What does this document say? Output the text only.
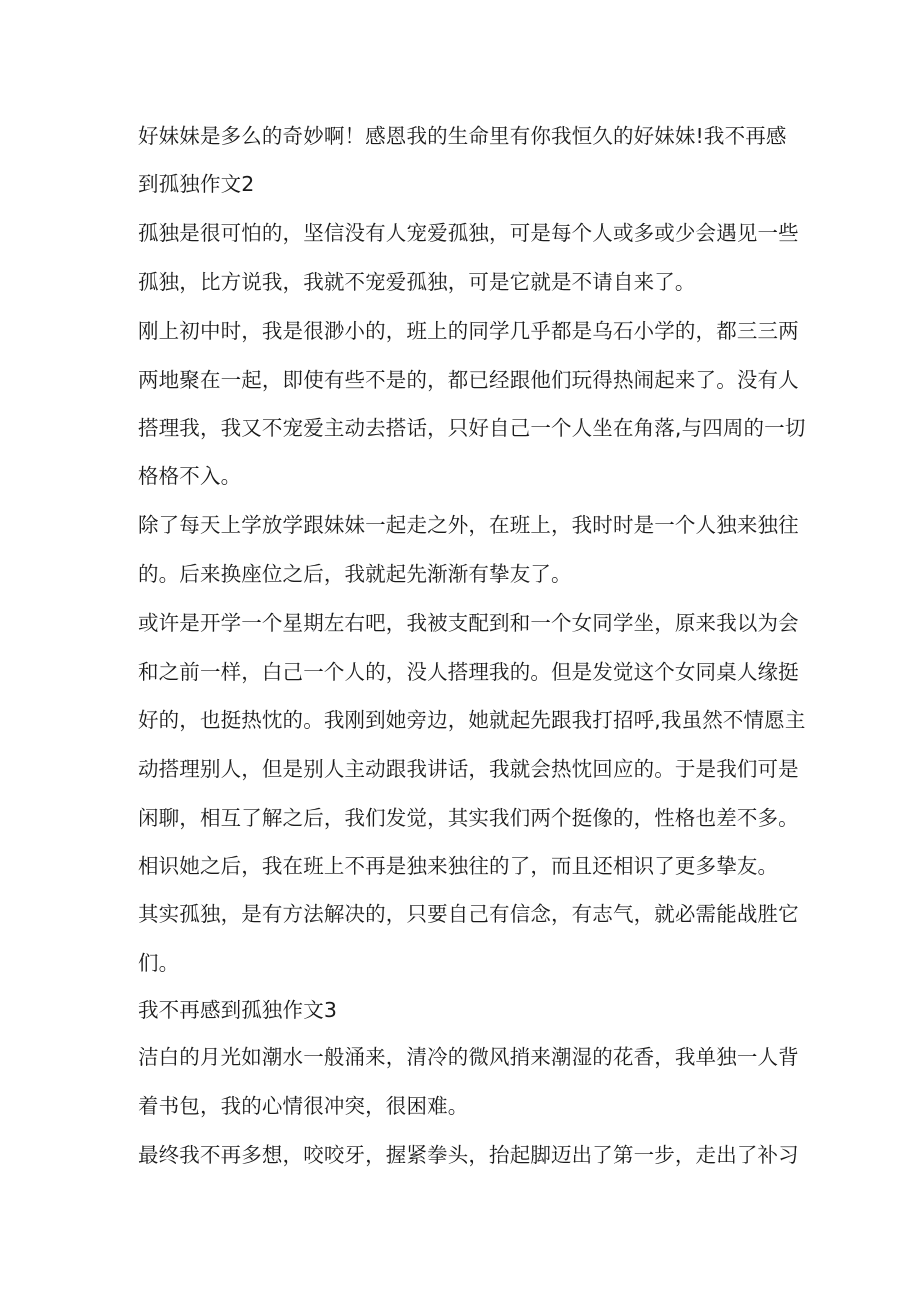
好妹妹是多么的奇妙啊！感恩我的生命里有你我恒久的好妹妹!我不再感
到孤独作文2
孤独是很可怕的，坚信没有人宠爱孤独，可是每个人或多或少会遇见一些
孤独，比方说我，我就不宠爱孤独，可是它就是不请自来了。
刚上初中时，我是很渺小的，班上的同学几乎都是乌石小学的，都三三两
两地聚在一起，即使有些不是的，都已经跟他们玩得热闹起来了。没有人
搭理我，我又不宠爱主动去搭话，只好自己一个人坐在角落,与四周的一切
格格不入。
除了每天上学放学跟妹妹一起走之外，在班上，我时时是一个人独来独往
的。后来换座位之后，我就起先渐渐有挚友了。
或许是开学一个星期左右吧，我被支配到和一个女同学坐，原来我以为会
和之前一样，白己一个人的，没人搭理我的。但是发觉这个女同桌人缘挺
好的，也挺热忱的。我刚到她旁边，她就起先跟我打招呼,我虽然不情愿主
动搭理别人，但是别人主动跟我讲话，我就会热忱回应的。于是我们可是
闲聊，相互了解之后，我们发觉，其实我们两个挺像的，性格也差不多。
相识她之后，我在班上不再是独来独往的了，而且还相识了更多挚友。
其实孤独，是有方法解决的，只要自己有信念，有志气，就必需能战胜它
们。
我不再感到孤独作文3
洁白的月光如潮水一般涌来，清冷的微风捎来潮湿的花香，我单独一人背
着书包，我的心情很冲突，很困难。
最终我不再多想，咬咬牙，握紧拳头，抬起脚迈出了第一步，走出了补习
